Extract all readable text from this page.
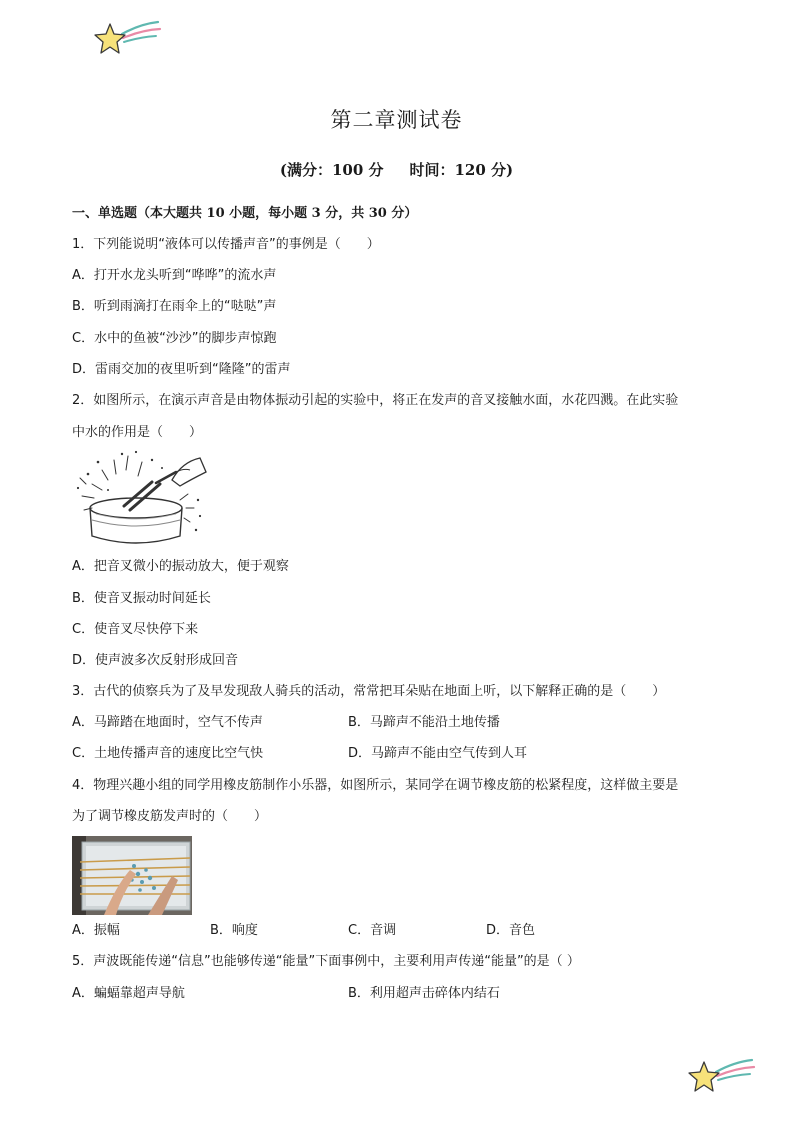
第二章测试卷
(满分：100 分 时间：120 分)
一、单选题（本大题共 10 小题，每小题 3 分，共 30 分）
1．下列能说明“液体可以传播声音”的事例是（　　）
A．打开水龙头听到“哗哗”的流水声
B．听到雨滴打在雨伞上的“哒哒”声
C．水中的鱼被“沙沙”的脚步声惊跑
D．雷雨交加的夜里听到“隆隆”的雷声
2．如图所示，在演示声音是由物体振动引起的实验中，将正在发声的音叉接触水面，水花四溅。在此实验
中水的作用是（　　）
A．把音叉微小的振动放大，便于观察
B．使音叉振动时间延长
C．使音叉尽快停下来
D．使声波多次反射形成回音
3．古代的侦察兵为了及早发现敌人骑兵的活动，常常把耳朵贴在地面上听，以下解释正确的是（　　）
A．马蹄踏在地面时，空气不传声	B．马蹄声不能沿土地传播
C．土地传播声音的速度比空气快	D．马蹄声不能由空气传到人耳
4．物理兴趣小组的同学用橡皮筋制作小乐器，如图所示，某同学在调节橡皮筋的松紧程度，这样做主要是
为了调节橡皮筋发声时的（　　）
A．振幅	B．响度	C．音调	D．音色
5．声波既能传递“信息”也能够传递“能量”下面事例中，主要利用声传递“能量”的是（ ）
A．蝙蝠靠超声导航	B．利用超声击碎体内结石
